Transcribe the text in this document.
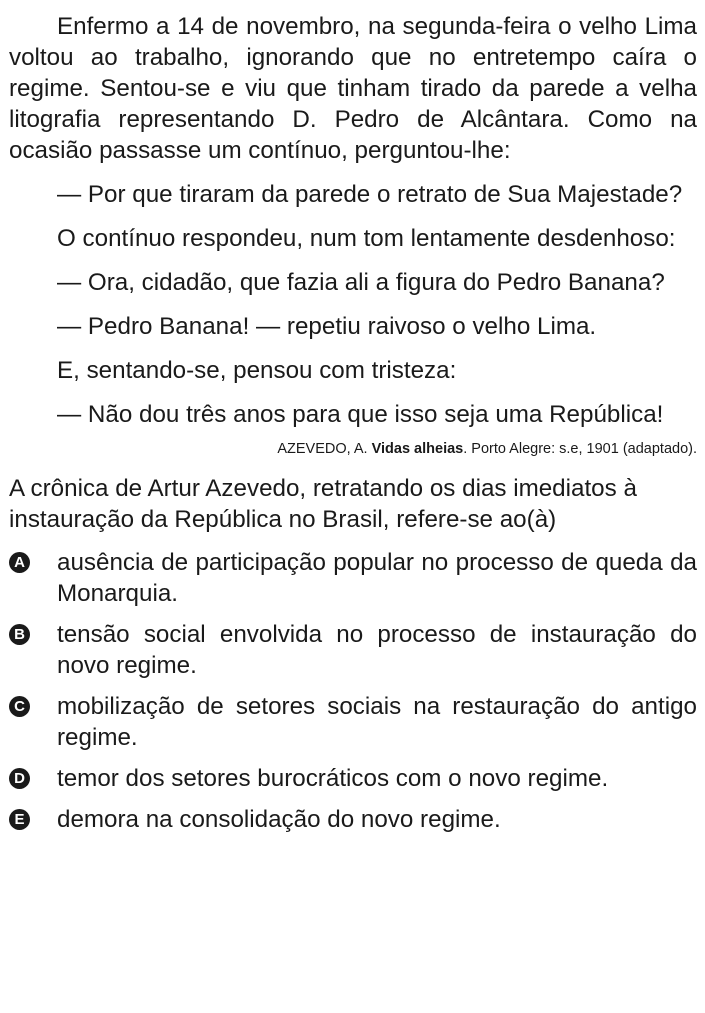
Enfermo a 14 de novembro, na segunda-feira o velho Lima voltou ao trabalho, ignorando que no entretempo caíra o regime. Sentou-se e viu que tinham tirado da parede a velha litografia representando D. Pedro de Alcântara. Como na ocasião passasse um contínuo, perguntou-lhe:

— Por que tiraram da parede o retrato de Sua Majestade?

O contínuo respondeu, num tom lentamente desdenhoso:

— Ora, cidadão, que fazia ali a figura do Pedro Banana?

— Pedro Banana! — repetiu raivoso o velho Lima.

E, sentando-se, pensou com tristeza:

— Não dou três anos para que isso seja uma República!

AZEVEDO, A. Vidas alheias. Porto Alegre: s.e, 1901 (adaptado).
A crônica de Artur Azevedo, retratando os dias imediatos à instauração da República no Brasil, refere-se ao(à)
A ausência de participação popular no processo de queda da Monarquia.
B tensão social envolvida no processo de instauração do novo regime.
C mobilização de setores sociais na restauração do antigo regime.
D temor dos setores burocráticos com o novo regime.
E demora na consolidação do novo regime.
